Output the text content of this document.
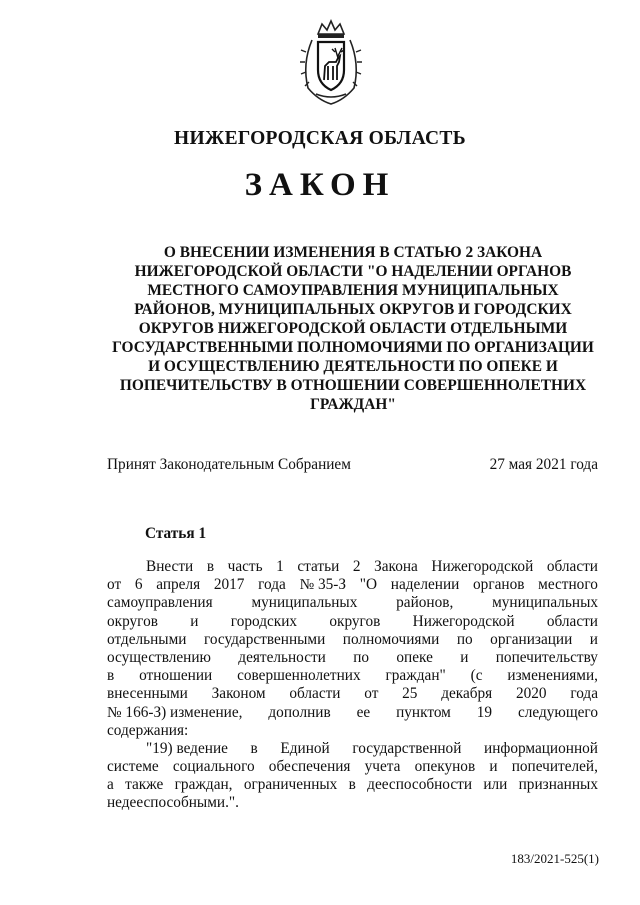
НИЖЕГОРОДСКАЯ ОБЛАСТЬ
ЗАКОН
О ВНЕСЕНИИ ИЗМЕНЕНИЯ В СТАТЬЮ 2 ЗАКОНА
НИЖЕГОРОДСКОЙ ОБЛАСТИ "О НАДЕЛЕНИИ ОРГАНОВ
МЕСТНОГО САМОУПРАВЛЕНИЯ МУНИЦИПАЛЬНЫХ
РАЙОНОВ, МУНИЦИПАЛЬНЫХ ОКРУГОВ И ГОРОДСКИХ
ОКРУГОВ НИЖЕГОРОДСКОЙ ОБЛАСТИ ОТДЕЛЬНЫМИ
ГОСУДАРСТВЕННЫМИ ПОЛНОМОЧИЯМИ ПО ОРГАНИЗАЦИИ
И ОСУЩЕСТВЛЕНИЮ ДЕЯТЕЛЬНОСТИ ПО ОПЕКЕ И
ПОПЕЧИТЕЛЬСТВУ В ОТНОШЕНИИ СОВЕРШЕННОЛЕТНИХ
ГРАЖДАН"
Принят Законодательным Собранием	27 мая 2021 года
Статья 1
Внести в часть 1 статьи 2 Закона Нижегородской области
от 6 апреля 2017 года № 35-З "О наделении органов местного
самоуправления	муниципальных	районов,	муниципальных
округов и городских округов Нижегородской области
отдельными государственными полномочиями по организации и
осуществлению деятельности по опеке и попечительству
в отношении совершеннолетних граждан" (с изменениями,
внесенными Законом области от 25 декабря 2020 года
№ 166-З) изменение, дополнив ее пунктом 19 следующего
содержания:
"19) ведение в Единой государственной информационной
системе социального обеспечения учета опекунов и попечителей,
а также граждан, ограниченных в дееспособности или признанных
недееспособными.".
183/2021-525(1)
